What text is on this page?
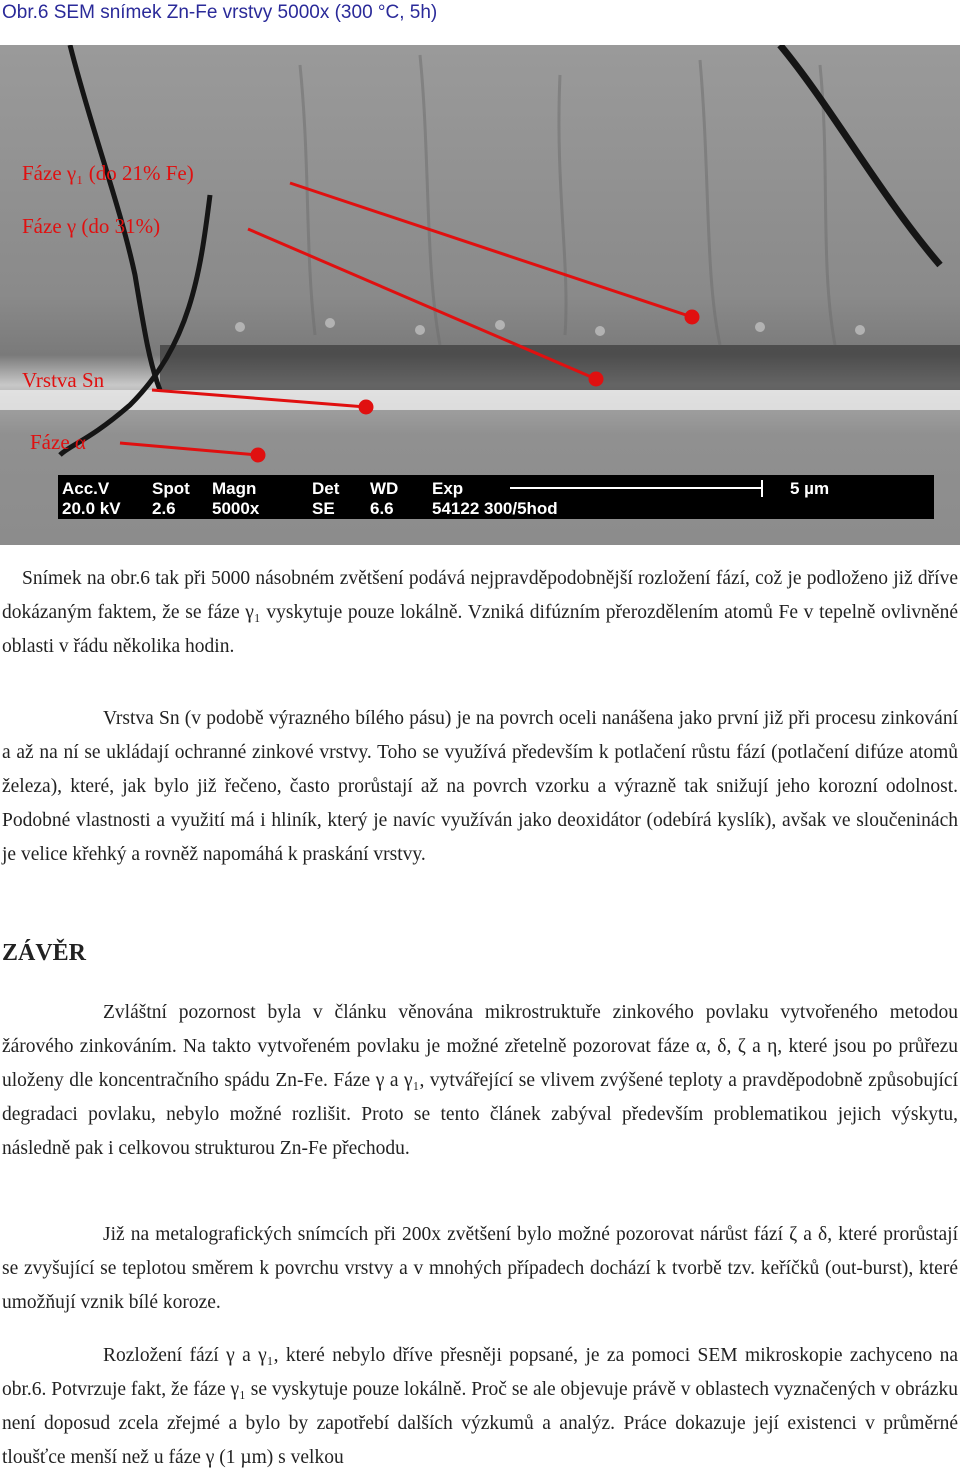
Obr.6 SEM snímek Zn-Fe vrstvy 5000x (300 °C, 5h)
Acc.V
20.0 kV
Spot
2.6
Magn
5000x
Det
SE
WD
6.6
Exp
54122 300/5hod
5 µm
Fáze γ₁ (do 21% Fe)
Fáze γ (do 31%)
Vrstva Sn
Fáze α

Snímek na obr.6 tak při 5000 násobném zvětšení podává nejpravděpodobnější rozložení fází, což je podloženo již dříve dokázaným faktem, že se fáze γ₁ vyskytuje pouze lokálně. Vzniká difúzním přerozdělením atomů Fe v tepelně ovlivněné oblasti v řádu několika hodin.

Vrstva Sn (v podobě výrazného bílého pásu) je na povrch oceli nanášena jako první již při procesu zinkování a až na ní se ukládají ochranné zinkové vrstvy. Toho se využívá především k potlačení růstu fází (potlačení difúze atomů železa), které, jak bylo již řečeno, často prorůstají až na povrch vzorku a výrazně tak snižují jeho korozní odolnost. Podobné vlastnosti a využití má i hliník, který je navíc využíván jako deoxidátor (odebírá kyslík), avšak ve sloučeninách je velice křehký a rovněž napomáhá k praskání vrstvy.

ZÁVĚR

Zvláštní pozornost byla v článku věnována mikrostruktuře zinkového povlaku vytvořeného metodou žárového zinkováním. Na takto vytvořeném povlaku je možné zřetelně pozorovat fáze α, δ, ζ a η, které jsou po průřezu uloženy dle koncentračního spádu Zn-Fe. Fáze γ a γ₁, vytvářející se vlivem zvýšené teploty a pravděpodobně způsobující degradaci povlaku, nebylo možné rozlišit. Proto se tento článek zabýval především problematikou jejich výskytu, následně pak i celkovou strukturou Zn-Fe přechodu.

Již na metalografických snímcích při 200x zvětšení bylo možné pozorovat nárůst fází ζ a δ, které prorůstají se zvyšující se teplotou směrem k povrchu vrstvy a v mnohých případech dochází k tvorbě tzv. keříčků (out-burst), které umožňují vznik bílé koroze.

Rozložení fází γ a γ₁, které nebylo dříve přesněji popsané, je za pomoci SEM mikroskopie zachyceno na obr.6. Potvrzuje fakt, že fáze γ₁ se vyskytuje pouze lokálně. Proč se ale objevuje právě v oblastech vyznačených v obrázku není doposud zcela zřejmé a bylo by zapotřebí dalších výzkumů a analýz. Práce dokazuje její existenci v průměrné tloušťce menší než u fáze γ (1 µm) s velkou
